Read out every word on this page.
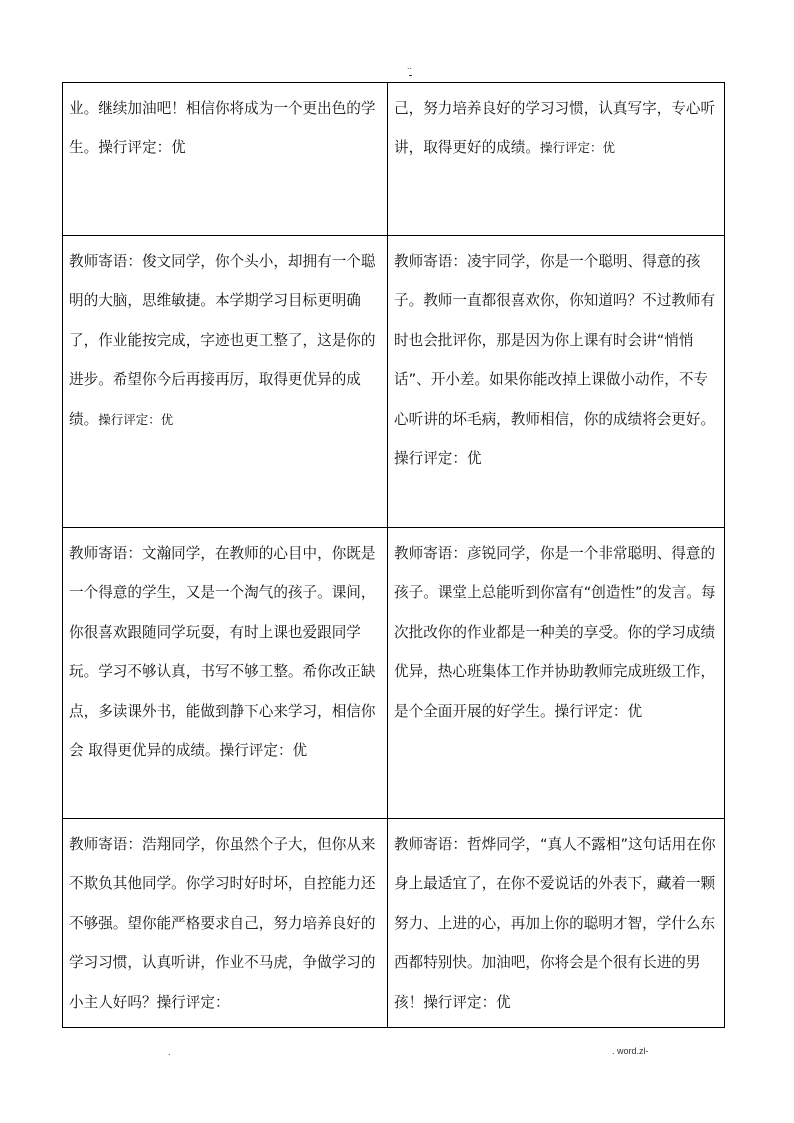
..
业。继续加油吧！相信你将成为一个更出色的学生。操行评定：优	己，努力培养良好的学习习惯，认真写字，专心听讲，取得更好的成绩。操行评定：优
教师寄语：俊文同学，你个头小，却拥有一个聪明的大脑，思维敏捷。本学期学习目标更明确了，作业能按完成，字迹也更工整了，这是你的进步。希望你今后再接再厉，取得更优异的成绩。操行评定：优	教师寄语：凌宇同学，你是一个聪明、得意的孩子。教师一直都很喜欢你，你知道吗？不过教师有时也会批评你，那是因为你上课有时会讲“悄悄话”、开小差。如果你能改掉上课做小动作，不专心听讲的坏毛病，教师相信，你的成绩将会更好。操行评定：优
教师寄语：文瀚同学，在教师的心目中，你既是一个得意的学生，又是一个淘气的孩子。课间，你很喜欢跟随同学玩耍，有时上课也爱跟同学玩。学习不够认真，书写不够工整。希你改正缺点，多读课外书，能做到静下心来学习，相信你会 取得更优异的成绩。操行评定：优	教师寄语：彦锐同学，你是一个非常聪明、得意的孩子。课堂上总能听到你富有“创造性”的发言。每次批改你的作业都是一种美的享受。你的学习成绩优异，热心班集体工作并协助教师完成班级工作，是个全面开展的好学生。操行评定：优
教师寄语：浩翔同学，你虽然个子大，但你从来不欺负其他同学。你学习时好时坏，自控能力还不够强。望你能严格要求自己，努力培养良好的学习习惯，认真听讲，作业不马虎，争做学习的小主人好吗？操行评定：	教师寄语：哲烨同学，“真人不露相”这句话用在你身上最适宜了，在你不爱说话的外表下，藏着一颗努力、上进的心，再加上你的聪明才智，学什么东西都特别快。加油吧，你将会是个很有长进的男孩！操行评定：优
.	. word.zl-
